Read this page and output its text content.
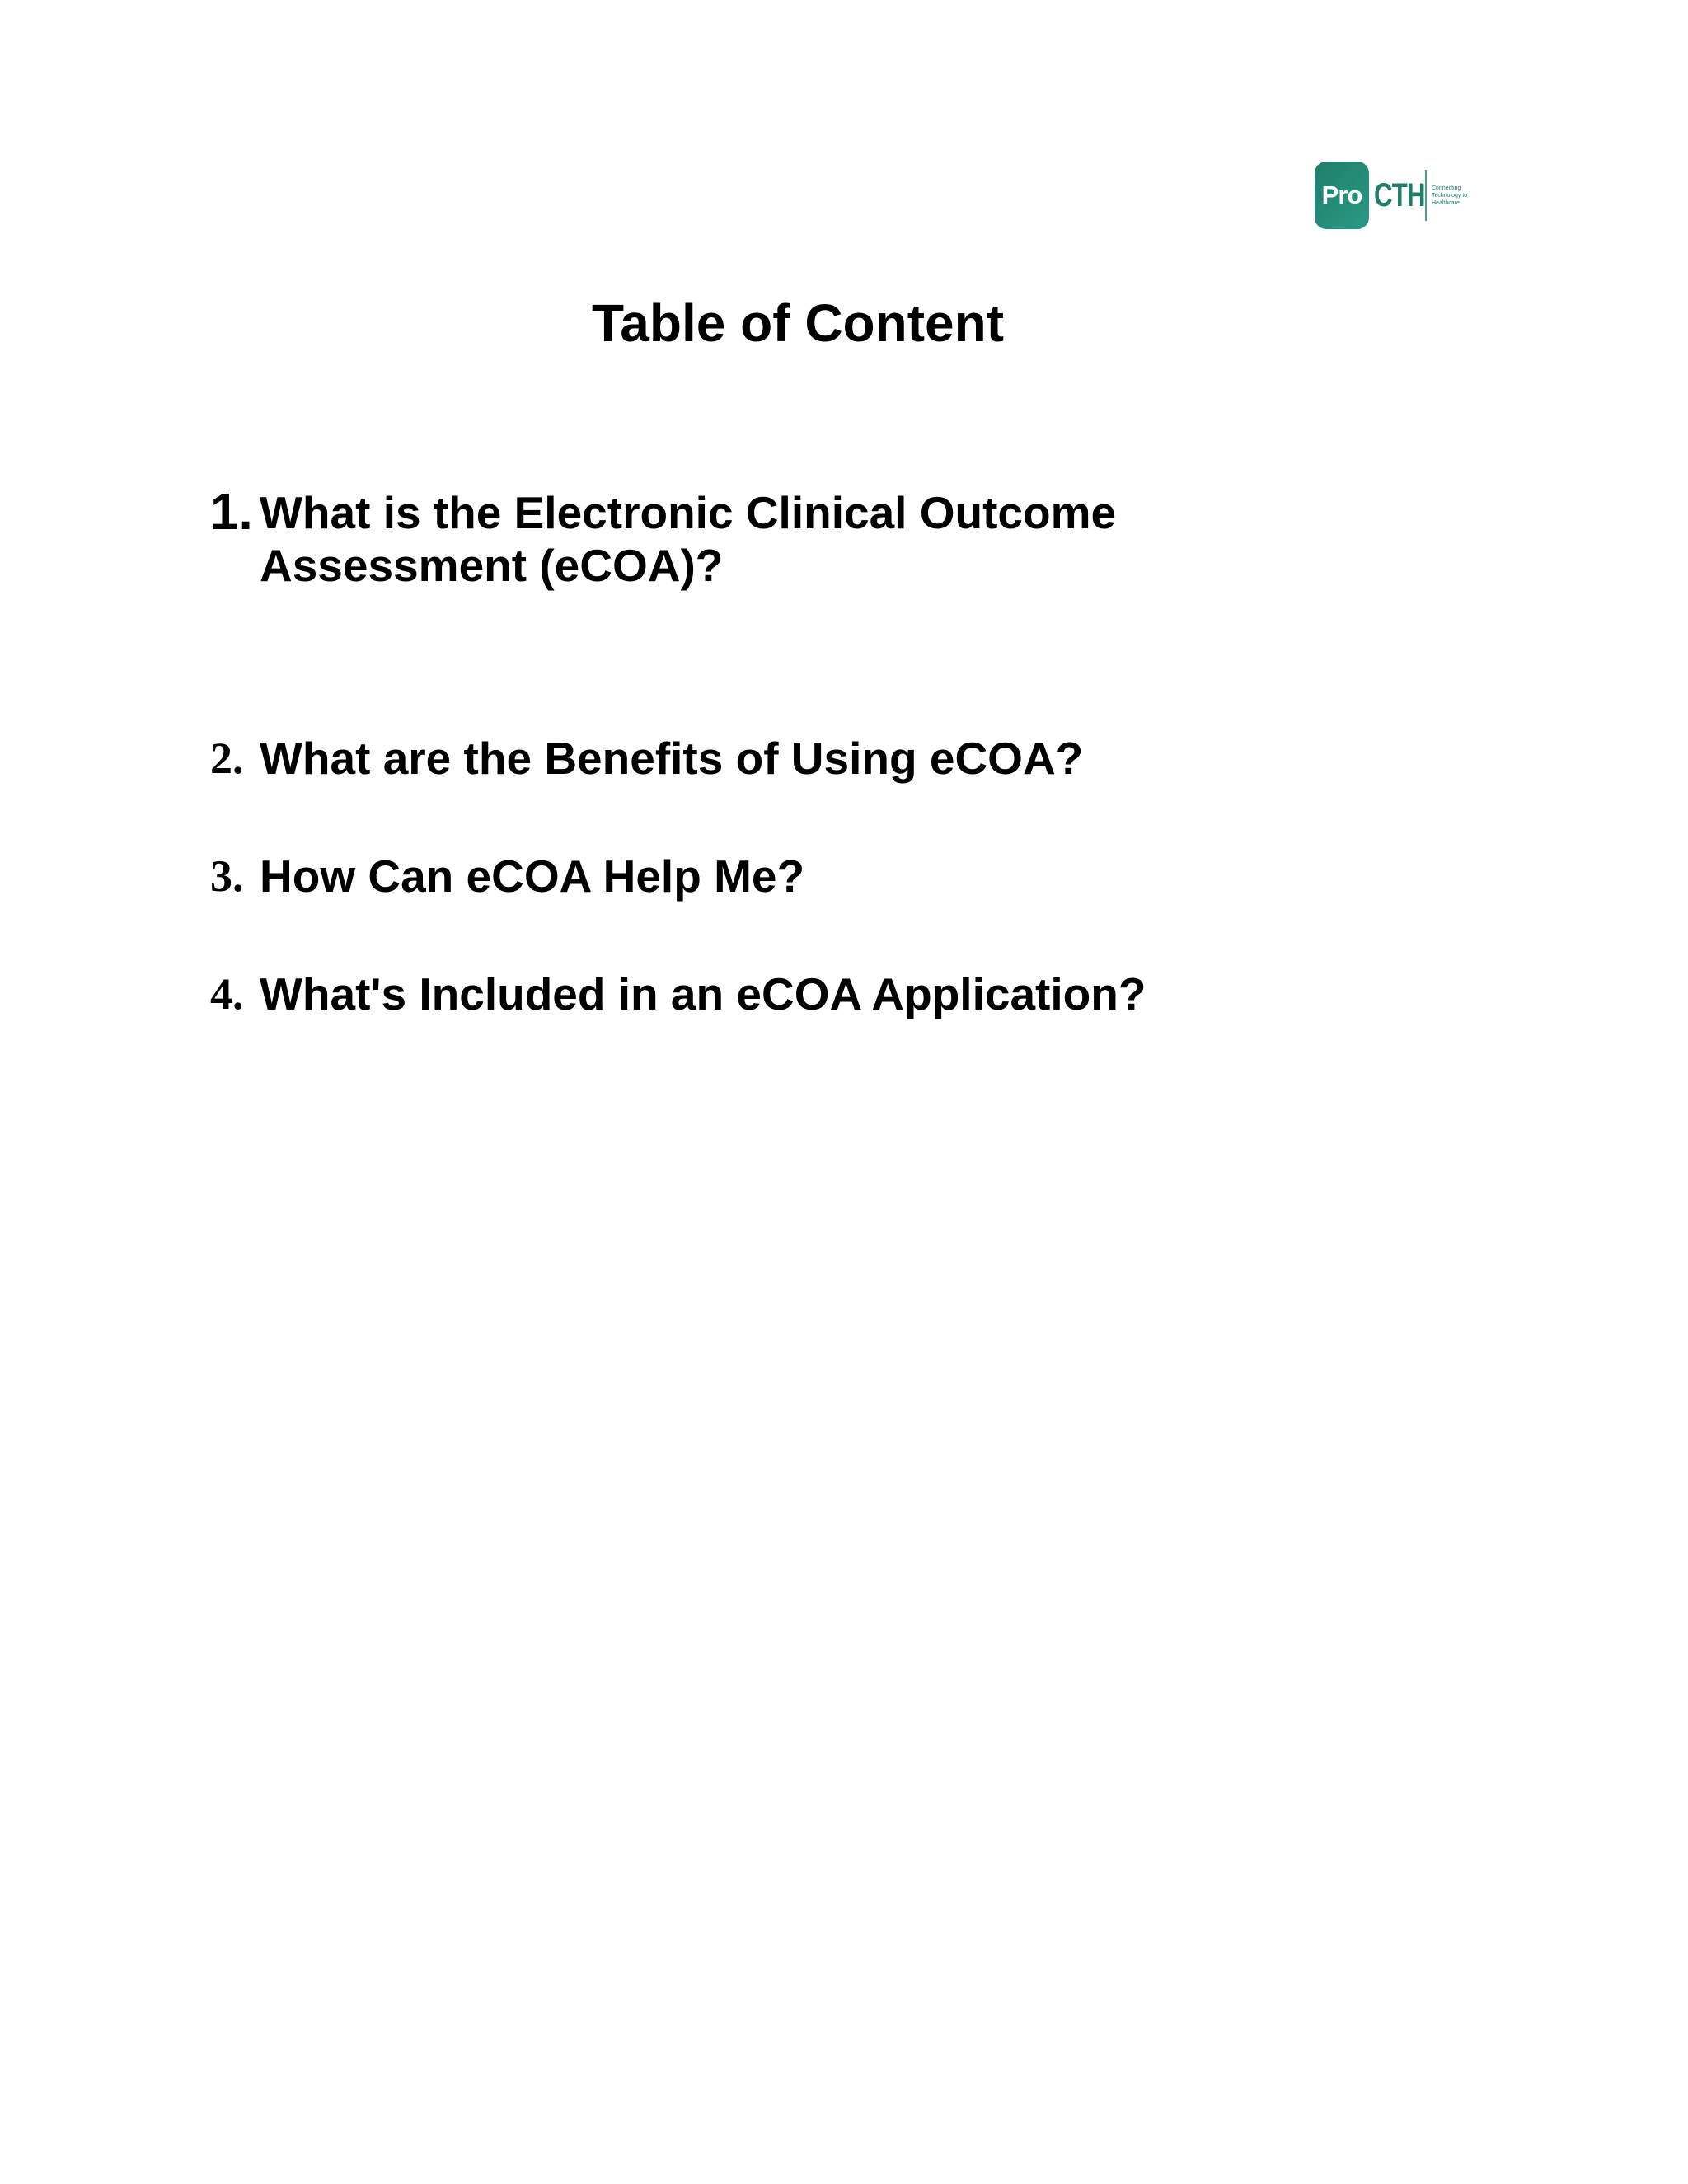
Pro CTH Connecting
Technology to
Healthcare
Table of Content
1. What is the Electronic Clinical Outcome Assessment (eCOA)?
2. What are the Benefits of Using eCOA?
3. How Can eCOA Help Me?
4. What's Included in an eCOA Application?
